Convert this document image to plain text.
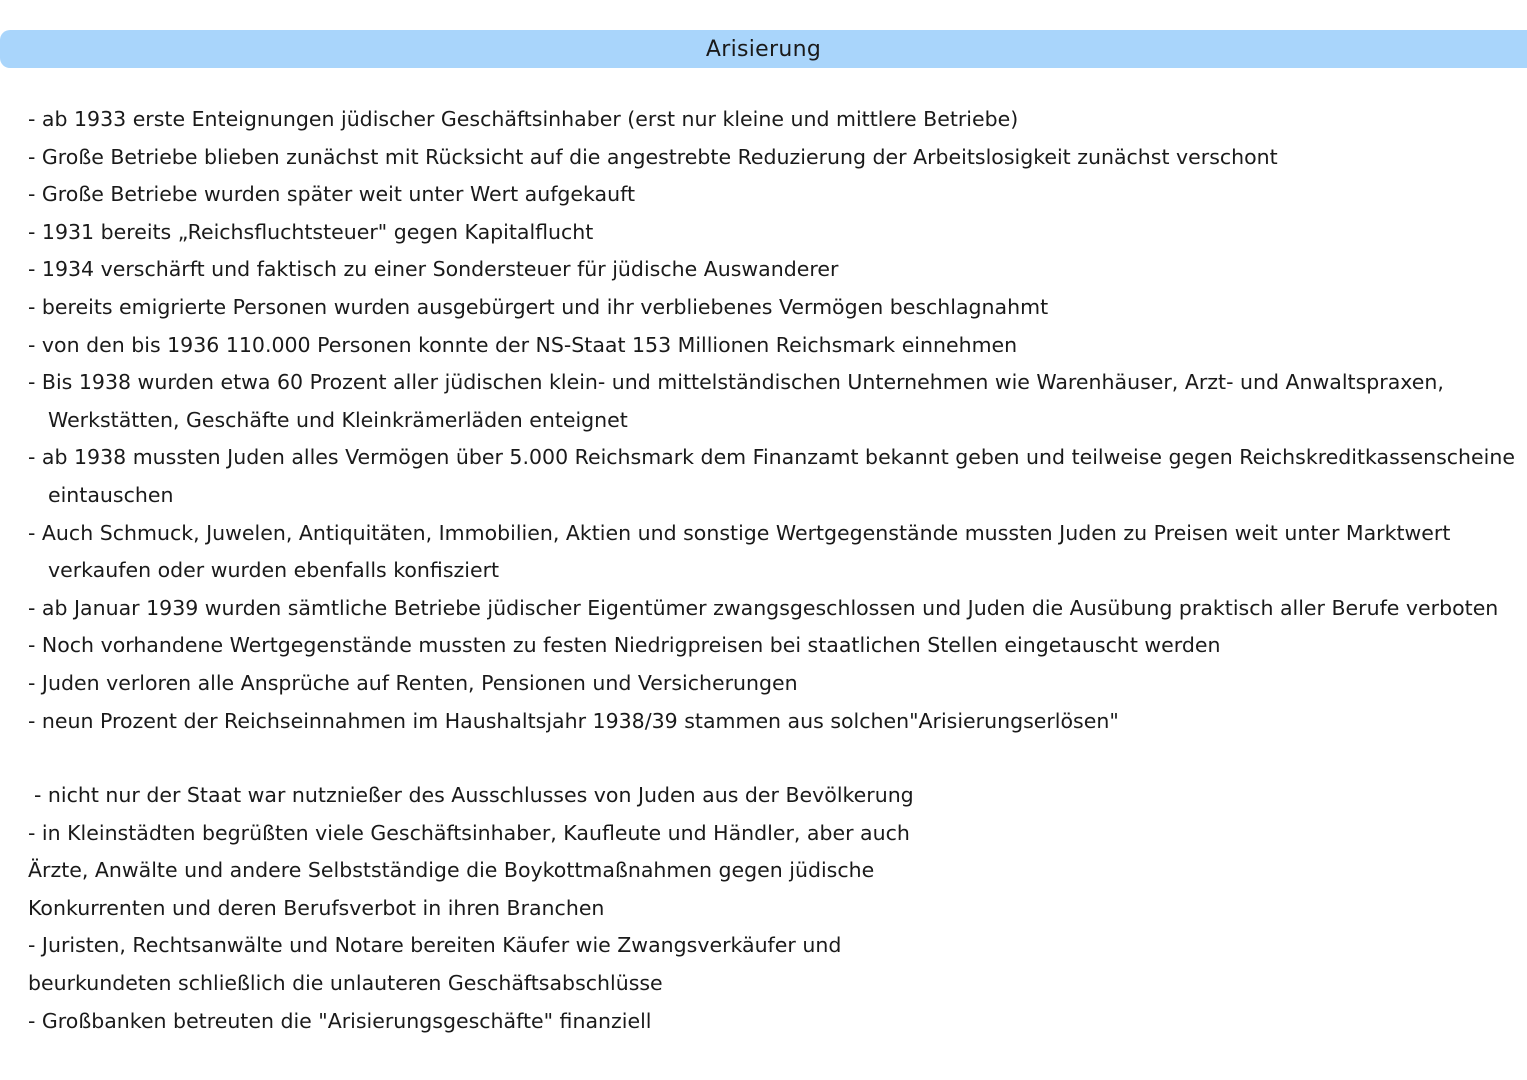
Arisierung
- ab 1933 erste Enteignungen jüdischer Geschäftsinhaber (erst nur kleine und mittlere Betriebe)
- Große Betriebe blieben zunächst mit Rücksicht auf die angestrebte Reduzierung der Arbeitslosigkeit zunächst verschont
- Große Betriebe wurden später weit unter Wert aufgekauft
- 1931 bereits „Reichsfluchtsteuer" gegen Kapitalflucht
- 1934 verschärft und faktisch zu einer Sondersteuer für jüdische Auswanderer
- bereits emigrierte Personen wurden ausgebürgert und ihr verbliebenes Vermögen beschlagnahmt
- von den bis 1936 110.000 Personen konnte der NS-Staat 153 Millionen Reichsmark einnehmen
- Bis 1938 wurden etwa 60 Prozent aller jüdischen klein- und mittelständischen Unternehmen wie Warenhäuser, Arzt- und Anwaltspraxen,
Werkstätten, Geschäfte und Kleinkrämerläden enteignet
- ab 1938 mussten Juden alles Vermögen über 5.000 Reichsmark dem Finanzamt bekannt geben und teilweise gegen Reichskreditkassenscheine
eintauschen
- Auch Schmuck, Juwelen, Antiquitäten, Immobilien, Aktien und sonstige Wertgegenstände mussten Juden zu Preisen weit unter Marktwert
verkaufen oder wurden ebenfalls konfisziert
- ab Januar 1939 wurden sämtliche Betriebe jüdischer Eigentümer zwangsgeschlossen und Juden die Ausübung praktisch aller Berufe verboten
- Noch vorhandene Wertgegenstände mussten zu festen Niedrigpreisen bei staatlichen Stellen eingetauscht werden
- Juden verloren alle Ansprüche auf Renten, Pensionen und Versicherungen
- neun Prozent der Reichseinnahmen im Haushaltsjahr 1938/39 stammen aus solchen"Arisierungserlösen"
- nicht nur der Staat war nutznießer des Ausschlusses von Juden aus der Bevölkerung
- in Kleinstädten begrüßten viele Geschäftsinhaber, Kaufleute und Händler, aber auch
Ärzte, Anwälte und andere Selbstständige die Boykottmaßnahmen gegen jüdische
Konkurrenten und deren Berufsverbot in ihren Branchen
- Juristen, Rechtsanwälte und Notare bereiten Käufer wie Zwangsverkäufer und
beurkundeten schließlich die unlauteren Geschäftsabschlüsse
- Großbanken betreuten die "Arisierungsgeschäfte" finanziell
